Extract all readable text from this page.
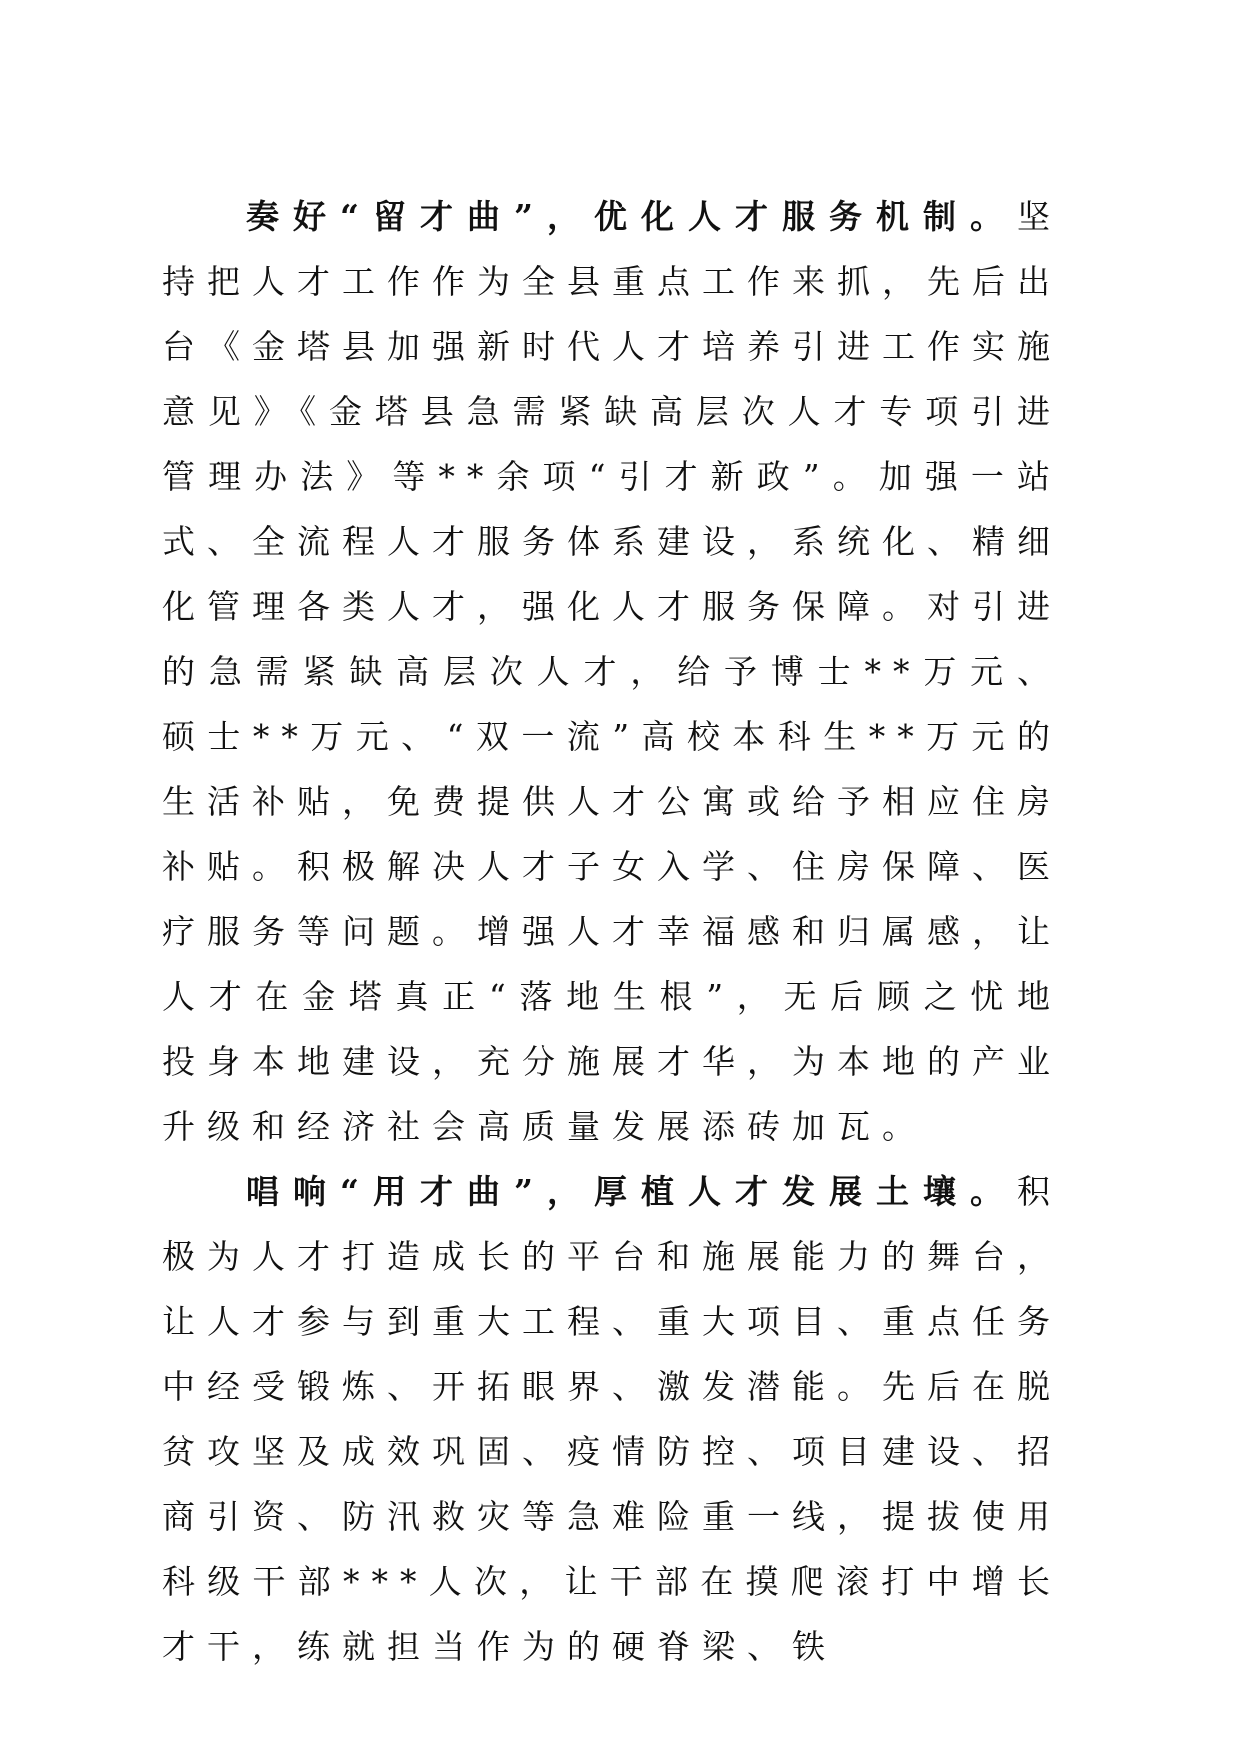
奏好“留才曲”，优化人才服务机制。坚持把人才工作作为全县重点工作来抓，先后出台《金塔县加强新时代人才培养引进工作实施意见》《金塔县急需紧缺高层次人才专项引进管理办法》等**余项“引才新政”。加强一站式、全流程人才服务体系建设，系统化、精细化管理各类人才，强化人才服务保障。对引进的急需紧缺高层次人才，给予博士**万元、硕士**万元、“双一流”高校本科生**万元的生活补贴，免费提供人才公寓或给予相应住房补贴。积极解决人才子女入学、住房保障、医疗服务等问题。增强人才幸福感和归属感，让人才在金塔真正“落地生根”，无后顾之忧地投身本地建设，充分施展才华，为本地的产业升级和经济社会高质量发展添砖加瓦。

唱响“用才曲”，厚植人才发展土壤。积极为人才打造成长的平台和施展能力的舞台，让人才参与到重大工程、重大项目、重点任务中经受锻炼、开拓眼界、激发潜能。先后在脱贫攻坚及成效巩固、疫情防控、项目建设、招商引资、防汛救灾等急难险重一线，提拔使用科级干部***人次，让干部在摸爬滚打中增长才干，练就担当作为的硬脊梁、铁
